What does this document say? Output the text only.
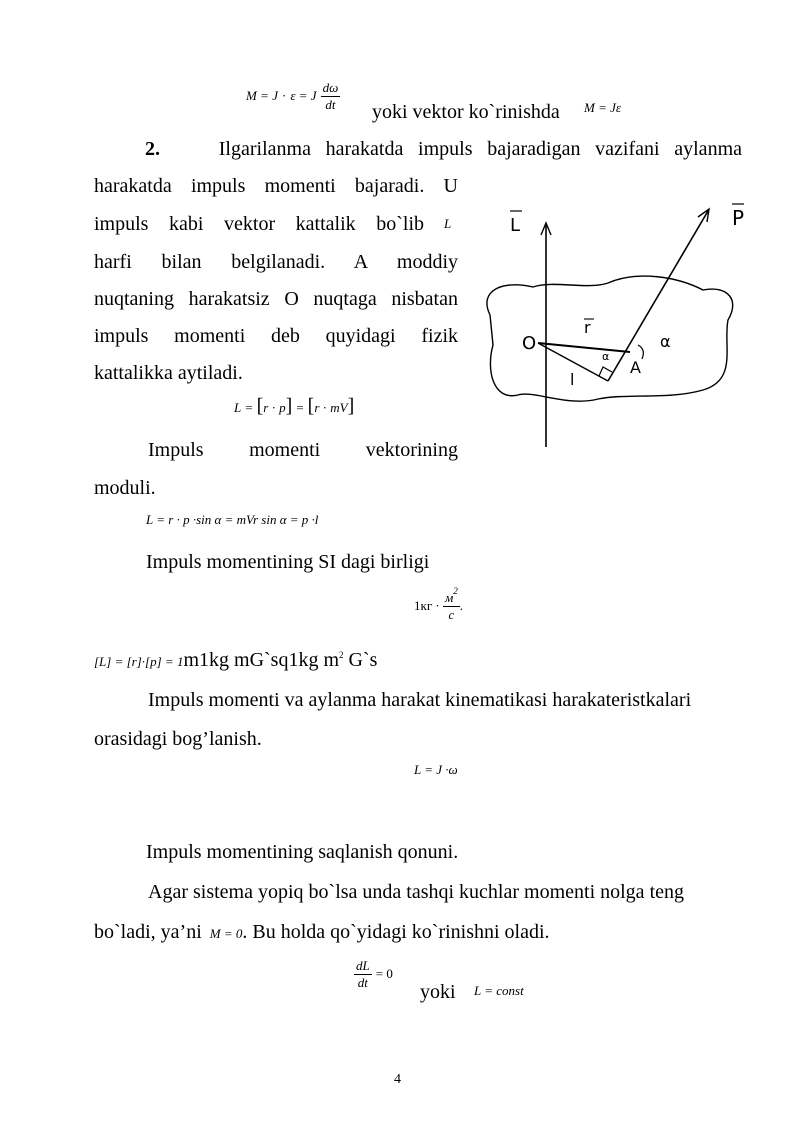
M = J · ε = J $\frac{d\omega}{dt}$ yoki vektor ko`rinishda M = Jε
2.	Ilgarilanma harakatda impuls bajaradigan vazifani aylanma
harakatda impuls momenti bajaradi. U
impuls kabi vektor kattalik bo`lib L
harfi bilan belgilanadi. A moddiy
nuqtaning harakatsiz O nuqtaga nisbatan
impuls momenti deb quyidagi fizik
kattalikka aytiladi.
L = [r · p] = [r · mV]
Impuls momenti vektorining
moduli.
L = r · p ·sin α = mVr sin α = p ·l
L	P
O
r
l
A
α
α
Impuls momentining SI dagi birligi
$1кг \cdot \frac{м^2}{с}$ .
[L] = [r]·[p] = 1m1kg mG`sq1kg $m^2$ G`s
Impuls momenti va aylanma harakat kinematikasi harakateristkalari
orasidagi bog’lanish.
L = J ·ω
Impuls momentining saqlanish qonuni.
Agar sistema yopiq bo`lsa unda tashqi kuchlar momenti nolga teng
bo`ladi, ya’ni M = 0. Bu holda qo`yidagi ko`rinishni oladi.
$\frac{dL}{dt} = 0$
yoki L = const
4
